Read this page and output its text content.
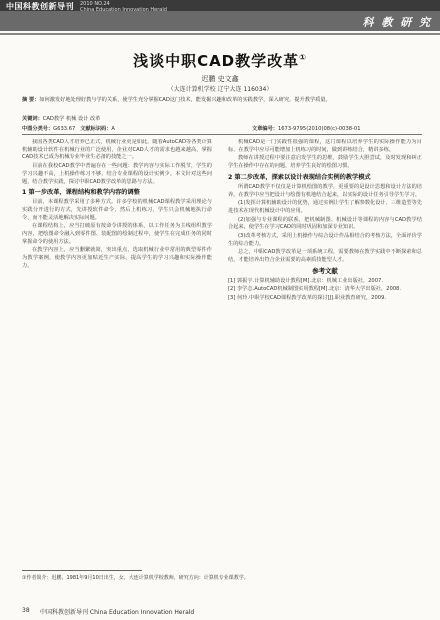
中国科教创新导刊 2010 NO.24
China Education Innovation Herald
科 教 研 究
浅谈中职CAD教学改革①
迟鹏 史文鑫
（大连计算机学校 辽宁大连 116034）
摘 要：如何激发好地处理好教与学的关系，使学生充分掌握CAD这门技术，能发掘兴趣和改革的实践教学，深入研究，提升教学质量。
关键词：CAD教学 机械 设计 改革
中图分类号：G633.67 文献标识码：A	文章编号：1673-9795(2010)08(c)-0038-01

我国各类CAD人才培养已正式，机械行业更是如此。随着AutoCAD等各类计算机辅助设计软件在机械行业的广泛使用，企业对CAD人才的需求也越来越高，掌握CAD技术已成为机械专业毕业生必备的技能之一。

目前在我校CAD教学中普遍存在一些问题：教学内容与实际工作脱节，学生的学习兴趣不高，上机操作练习不够，结合专业课程的设计实例少。本文针对这些问题，结合教学实践，探讨中职CAD教学改革的思路与方法。

1 第一步改革，课程结构和教学内容的调整

目前，本课程教学采用了多种方式。许多学校的机械CAD课程教学采用理论与实践分开进行的方式，先讲授软件命令，然后上机练习，学生只会机械地执行命令，而不能灵活地解决实际问题。

在课程结构上，应当打破原有按命令讲授的体系，以工作任务为主线组织教学内容，把绘图命令融入到零件图、装配图的绘制过程中，使学生在完成任务的同时掌握命令的使用方法。

在教学内容上，应当删繁就简，突出重点，选取机械行业中常用的典型零件作为教学案例，使教学内容更加贴近生产实际，提高学生的学习兴趣和实际操作能力。

机械CAD是一门实践性很强的课程，这门课程以培养学生的实际操作能力为目标，在教学中应尽可能增加上机练习的时间，做到讲练结合，精讲多练。

教师在讲授过程中要注意启发学生的思维，鼓励学生大胆尝试，及时发现和纠正学生在操作中存在的问题，培养学生良好的绘图习惯。

2 第二步改革，探索以设计表现结合实例的教学模式

所谓CAD教学不仅仅是计算机绘图的教学，更重要的是设计思想和设计方法的培养。在教学中应当把设计与绘图有机地结合起来，以实际的设计任务引导学生学习。

(1)发挥计算机辅助设计的优势，通过实例让学生了解参数化设计、三维造型等先进技术在现代机械设计中的应用。

(2)加强与专业课程的联系，把机械制图、机械设计等课程的内容与CAD教学结合起来，使学生在学习CAD的同时巩固和加深专业知识。

(3)改革考核方式，采用上机操作与综合设计作品相结合的考核方法，全面评价学生的综合能力。

总之，中职CAD教学改革是一项系统工程，需要教师在教学实践中不断探索和总结，才能培养出符合企业需要的高素质技能型人才。

参考文献

[1] 郭振宇.计算机辅助设计教程[M].北京：机械工业出版社，2007.

[2] 李学志.AutoCAD机械制图实用教程[M].北京：清华大学出版社，2008.

[3] 何玲.中职学校CAD课程教学改革的探讨[J].职业教育研究，2009.

①作者简介：迟鹏，1981年9月10日出生，女，大连计算机学校教师，研究方向：计算机专业课教学。
38 中国科教创新导刊 China Education Innovation Herald
